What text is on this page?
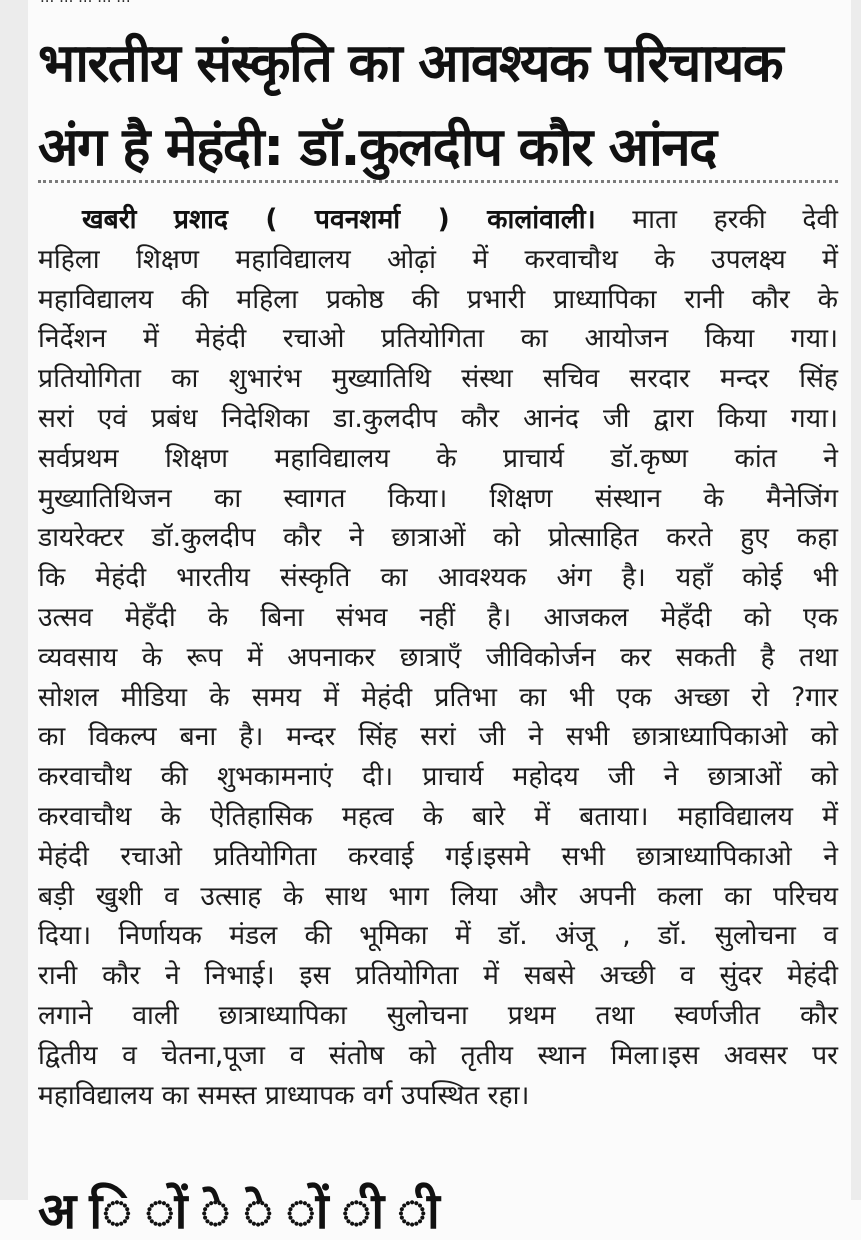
भारतीय संस्कृति का आवश्यक परिचायक
अंग है मेहंदी: डॉ.कुलदीप कौर आंनद
खबरी प्रशाद ( पवनशर्मा ) कालांवाली। माता हरकी देवी
महिला शिक्षण महाविद्यालय ओढ़ां में करवाचौथ के उपलक्ष्य में
महाविद्यालय की महिला प्रकोष्ठ की प्रभारी प्राध्यापिका रानी कौर के
निर्देशन में मेहंदी रचाओ प्रतियोगिता का आयोजन किया गया।
प्रतियोगिता का शुभारंभ मुख्यातिथि संस्था सचिव सरदार मन्दर सिंह
सरां एवं प्रबंध निदेशिका डा.कुलदीप कौर आनंद जी द्वारा किया गया।
सर्वप्रथम शिक्षण महाविद्यालय के प्राचार्य डॉ.कृष्ण कांत ने
मुख्यातिथिजन का स्वागत किया। शिक्षण संस्थान के मैनेजिंग
डायरेक्टर डॉ.कुलदीप कौर ने छात्राओं को प्रोत्साहित करते हुए कहा
कि मेहंदी भारतीय संस्कृति का आवश्यक अंग है। यहाँ कोई भी
उत्सव मेहँदी के बिना संभव नहीं है। आजकल मेहँदी को एक
व्यवसाय के रूप में अपनाकर छात्राएँ जीविकोर्जन कर सकती है तथा
सोशल मीडिया के समय में मेहंदी प्रतिभा का भी एक अच्छा रो ?गार
का विकल्प बना है। मन्दर सिंह सरां जी ने सभी छात्राध्यापिकाओ को
करवाचौथ की शुभकामनाएं दी। प्राचार्य महोदय जी ने छात्राओं को
करवाचौथ के ऐतिहासिक महत्व के बारे में बताया। महाविद्यालय में
मेहंदी रचाओ प्रतियोगिता करवाई गई।इसमे सभी छात्राध्यापिकाओ ने
बड़ी खुशी व उत्साह के साथ भाग लिया और अपनी कला का परिचय
दिया। निर्णायक मंडल की भूमिका में डॉ. अंजू , डॉ. सुलोचना व
रानी कौर ने निभाई। इस प्रतियोगिता में सबसे अच्छी व सुंदर मेहंदी
लगाने वाली छात्राध्यापिका सुलोचना प्रथम तथा स्वर्णजीत कौर
द्वितीय व चेतना,पूजा व संतोष को तृतीय स्थान मिला।इस अवसर पर
महाविद्यालय का समस्त प्राध्यापक वर्ग उपस्थित रहा।
अ ि ों े े ों ी ी
